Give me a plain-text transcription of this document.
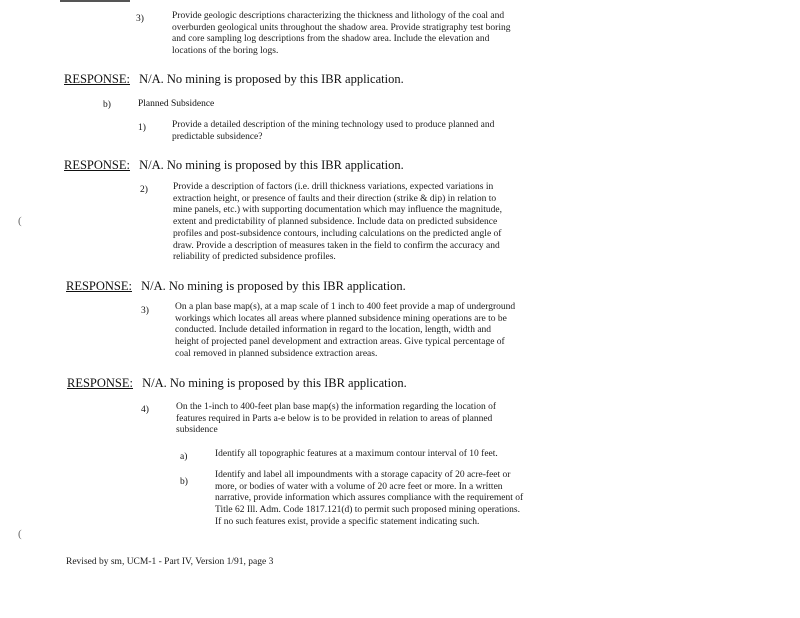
3)	Provide geologic descriptions characterizing the thickness and lithology of the coal and
overburden geological units throughout the shadow area. Provide stratigraphy test boring
and core sampling log descriptions from the shadow area. Include the elevation and
locations of the boring logs.
RESPONSE: N/A. No mining is proposed by this IBR application.
b)	Planned Subsidence
1)	Provide a detailed description of the mining technology used to produce planned and
predictable subsidence?
RESPONSE: N/A. No mining is proposed by this IBR application.
2)	Provide a description of factors (i.e. drill thickness variations, expected variations in
extraction height, or presence of faults and their direction (strike & dip) in relation to
mine panels, etc.) with supporting documentation which may influence the magnitude,
extent and predictability of planned subsidence. Include data on predicted subsidence
profiles and post-subsidence contours, including calculations on the predicted angle of
draw. Provide a description of measures taken in the field to confirm the accuracy and
reliability of predicted subsidence profiles.
RESPONSE: N/A. No mining is proposed by this IBR application.
3)	On a plan base map(s), at a map scale of 1 inch to 400 feet provide a map of underground
workings which locates all areas where planned subsidence mining operations are to be
conducted. Include detailed information in regard to the location, length, width and
height of projected panel development and extraction areas. Give typical percentage of
coal removed in planned subsidence extraction areas.
RESPONSE: N/A. No mining is proposed by this IBR application.
4)	On the 1-inch to 400-feet plan base map(s) the information regarding the location of
features required in Parts a-e below is to be provided in relation to areas of planned
subsidence
a)	Identify all topographic features at a maximum contour interval of 10 feet.
b)
Identify and label all impoundments with a storage capacity of 20 acre-feet or
more, or bodies of water with a volume of 20 acre feet or more. In a written
narrative, provide information which assures compliance with the requirement of
Title 62 Ill. Adm. Code 1817.121(d) to permit such proposed mining operations.
If no such features exist, provide a specific statement indicating such.
(
(
Revised by sm, UCM-1 - Part IV, Version 1/91, page 3
